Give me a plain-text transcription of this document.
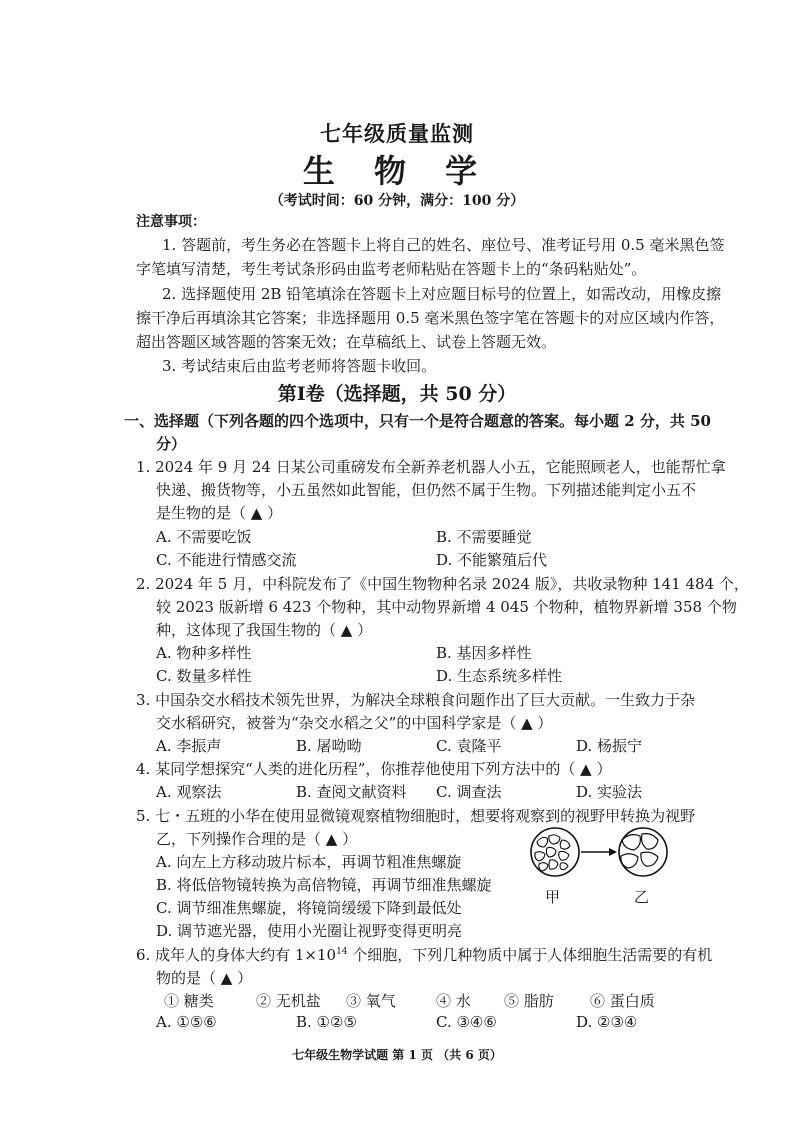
七年级质量监测
生 物 学
（考试时间：60 分钟，满分：100 分）
注意事项：
1. 答题前，考生务必在答题卡上将自己的姓名、座位号、准考证号用 0.5 毫米黑色签
字笔填写清楚，考生考试条形码由监考老师粘贴在答题卡上的“条码粘贴处”。
2. 选择题使用 2B 铅笔填涂在答题卡上对应题目标号的位置上，如需改动，用橡皮擦
擦干净后再填涂其它答案；非选择题用 0.5 毫米黑色签字笔在答题卡的对应区域内作答，
超出答题区域答题的答案无效；在草稿纸上、试卷上答题无效。
3. 考试结束后由监考老师将答题卡收回。
第Ⅰ卷（选择题，共 50 分）
一、选择题（下列各题的四个选项中，只有一个是符合题意的答案。每小题 2 分，共 50
分）
1. 2024 年 9 月 24 日某公司重磅发布全新养老机器人小五，它能照顾老人，也能帮忙拿
快递、搬货物等，小五虽然如此智能，但仍然不属于生物。下列描述能判定小五不
是生物的是（ ▲ ）
A. 不需要吃饭	B. 不需要睡觉
C. 不能进行情感交流	D. 不能繁殖后代
2. 2024 年 5 月，中科院发布了《中国生物物种名录 2024 版》，共收录物种 141 484 个，
较 2023 版新增 6 423 个物种，其中动物界新增 4 045 个物种，植物界新增 358 个物
种，这体现了我国生物的（ ▲ ）
A. 物种多样性	B. 基因多样性
C. 数量多样性	D. 生态系统多样性
3. 中国杂交水稻技术领先世界，为解决全球粮食问题作出了巨大贡献。一生致力于杂
交水稻研究，被誉为“杂交水稻之父”的中国科学家是（ ▲ ）
A. 李振声	B. 屠呦呦	C. 袁隆平	D. 杨振宁
4. 某同学想探究“人类的进化历程”，你推荐他使用下列方法中的（ ▲ ）
A. 观察法	B. 查阅文献资料 C. 调查法	D. 实验法
5. 七・五班的小华在使用显微镜观察植物细胞时，想要将观察到的视野甲转换为视野
乙，下列操作合理的是（ ▲ ）
A. 向左上方移动玻片标本，再调节粗准焦螺旋
B. 将低倍物镜转换为高倍物镜，再调节细准焦螺旋
C. 调节细准焦螺旋，将镜筒缓缓下降到最低处
D. 调节遮光器，使用小光圈让视野变得更明亮
甲	乙
6. 成年人的身体大约有 $1\times 10^{14}$ 个细胞，下列几种物质中属于人体细胞生活需要的有机
物的是（ ▲ ）
① 糖类	② 无机盐 ③ 氧气	④ 水 ⑤ 脂肪 ⑥ 蛋白质
A. ①⑤⑥	B. ①②⑤	C. ③④⑥	D. ②③④
七年级生物学试题 第 1 页 （共 6 页）
